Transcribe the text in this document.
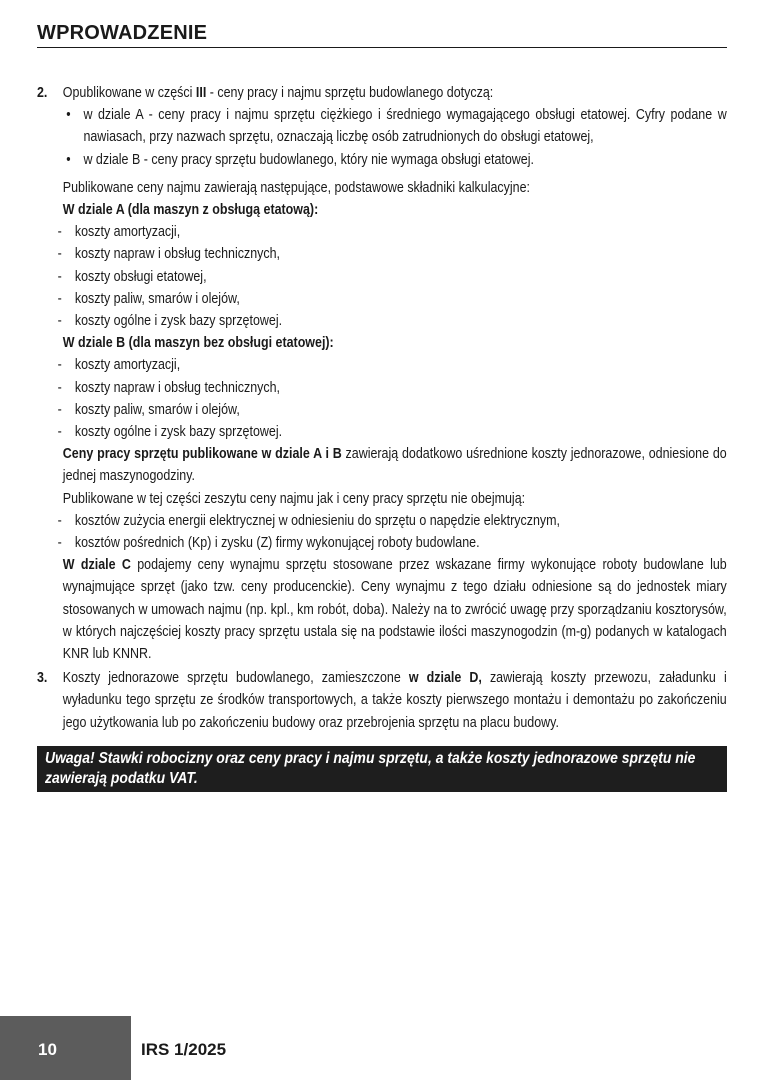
WPROWADZENIE
2. Opublikowane w części III - ceny pracy i najmu sprzętu budowlanego dotyczą:
• w dziale A - ceny pracy i najmu sprzętu ciężkiego i średniego wymagającego obsługi etatowej. Cyfry podane w nawiasach, przy nazwach sprzętu, oznaczają liczbę osób zatrudnionych do obsługi etatowej,
• w dziale B - ceny pracy sprzętu budowlanego, który nie wymaga obsługi etatowej.
Publikowane ceny najmu zawierają następujące, podstawowe składniki kalkulacyjne:
W dziale A (dla maszyn z obsługą etatową):
- koszty amortyzacji,
- koszty napraw i obsług technicznych,
- koszty obsługi etatowej,
- koszty paliw, smarów i olejów,
- koszty ogólne i zysk bazy sprzętowej.
W dziale B (dla maszyn bez obsługi etatowej):
- koszty amortyzacji,
- koszty napraw i obsług technicznych,
- koszty paliw, smarów i olejów,
- koszty ogólne i zysk bazy sprzętowej.
Ceny pracy sprzętu publikowane w dziale A i B zawierają dodatkowo uśrednione koszty jednorazowe, odniesione do jednej maszynogodziny.
Publikowane w tej części zeszytu ceny najmu jak i ceny pracy sprzętu nie obejmują:
- kosztów zużycia energii elektrycznej w odniesieniu do sprzętu o napędzie elektrycznym,
- kosztów pośrednich (Kp) i zysku (Z) firmy wykonującej roboty budowlane.
W dziale C podajemy ceny wynajmu sprzętu stosowane przez wskazane firmy wykonujące roboty budowlane lub wynajmujące sprzęt (jako tzw. ceny producenckie). Ceny wynajmu z tego działu odniesione są do jednostek miary stosowanych w umowach najmu (np. kpl., km robót, doba). Należy na to zwrócić uwagę przy sporządzaniu kosztorysów, w których najczęściej koszty pracy sprzętu ustala się na podstawie ilości maszynogodzin (m-g) podanych w katalogach KNR lub KNNR.
3. Koszty jednorazowe sprzętu budowlanego, zamieszczone w dziale D, zawierają koszty przewozu, załadunku i wyładunku tego sprzętu ze środków transportowych, a także koszty pierwszego montażu i demontażu po zakończeniu jego użytkowania lub po zakończeniu budowy oraz przebrojenia sprzętu na placu budowy.
Uwaga! Stawki robocizny oraz ceny pracy i najmu sprzętu, a także koszty jednorazowe sprzętu nie zawierają podatku VAT.
10	IRS 1/2025
